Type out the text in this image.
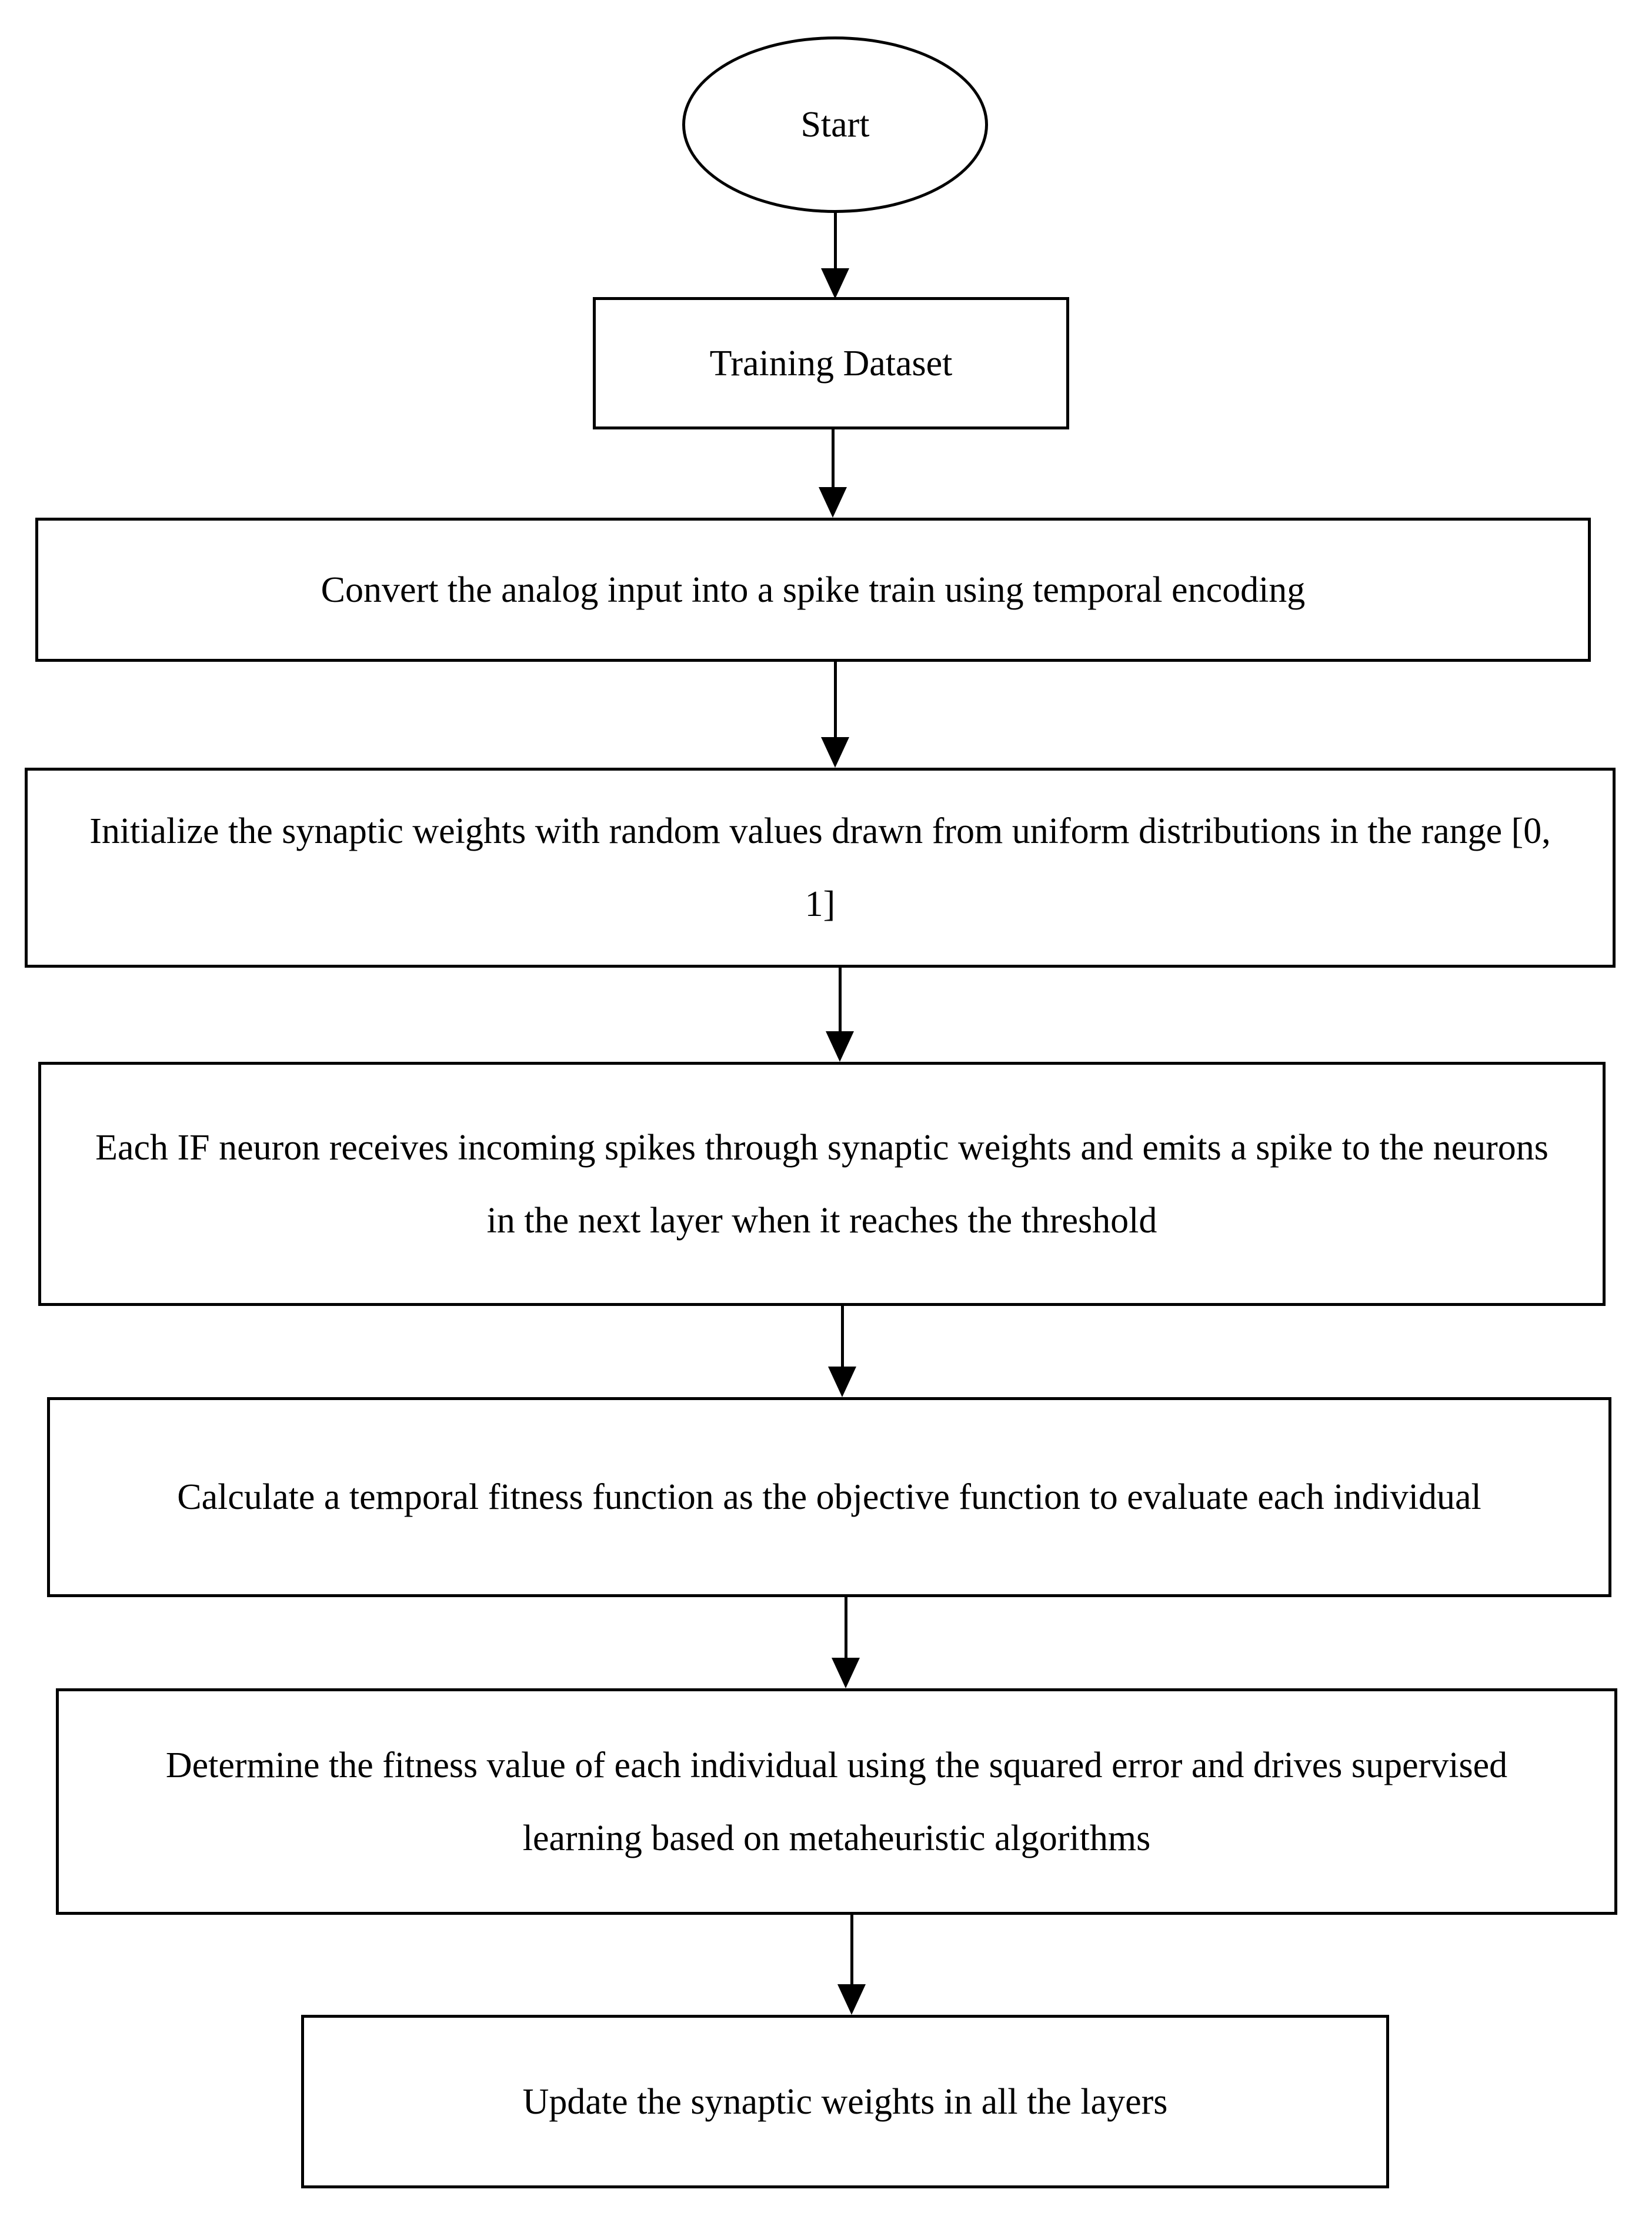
Start
Training Dataset
Convert the analog input into a spike train using temporal encoding
Initialize the synaptic weights with random values drawn from uniform distributions in the range [0, 1]
Each IF neuron receives incoming spikes through synaptic weights and emits a spike to the neurons in the next layer when it reaches the threshold
Calculate a temporal fitness function as the objective function to evaluate each individual
Determine the fitness value of each individual using the squared error and drives supervised learning based on metaheuristic algorithms
Update the synaptic weights in all the layers
